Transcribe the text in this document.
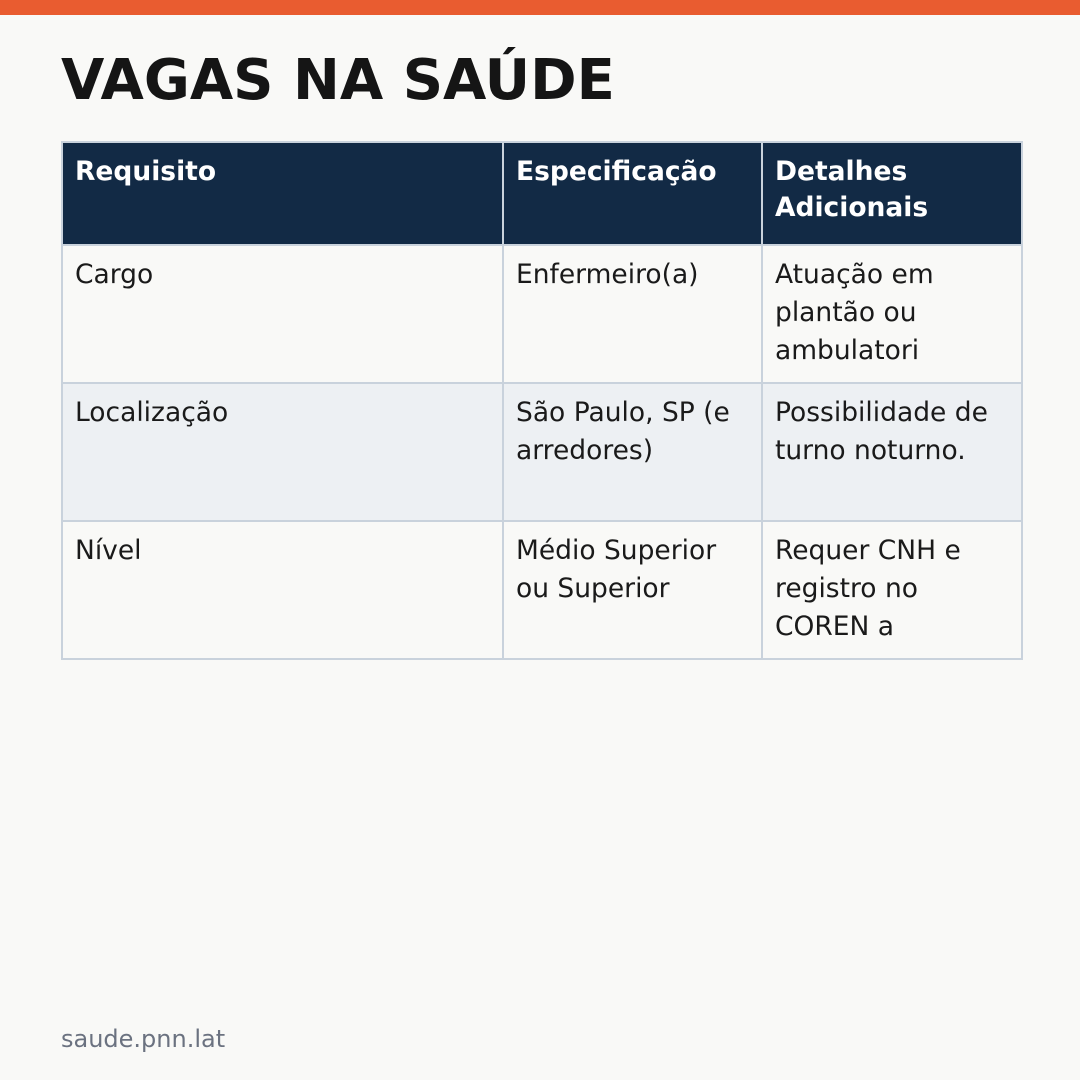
VAGAS NA SAÚDE
Requisito	Especificação	Detalhes Adicionais
Cargo	Enfermeiro(a)	Atuação em plantão ou ambulatori
Localização	São Paulo, SP (e arredores)	Possibilidade de turno noturno.
Nível	Médio Superior ou Superior	Requer CNH e registro no COREN a
saude.pnn.lat
